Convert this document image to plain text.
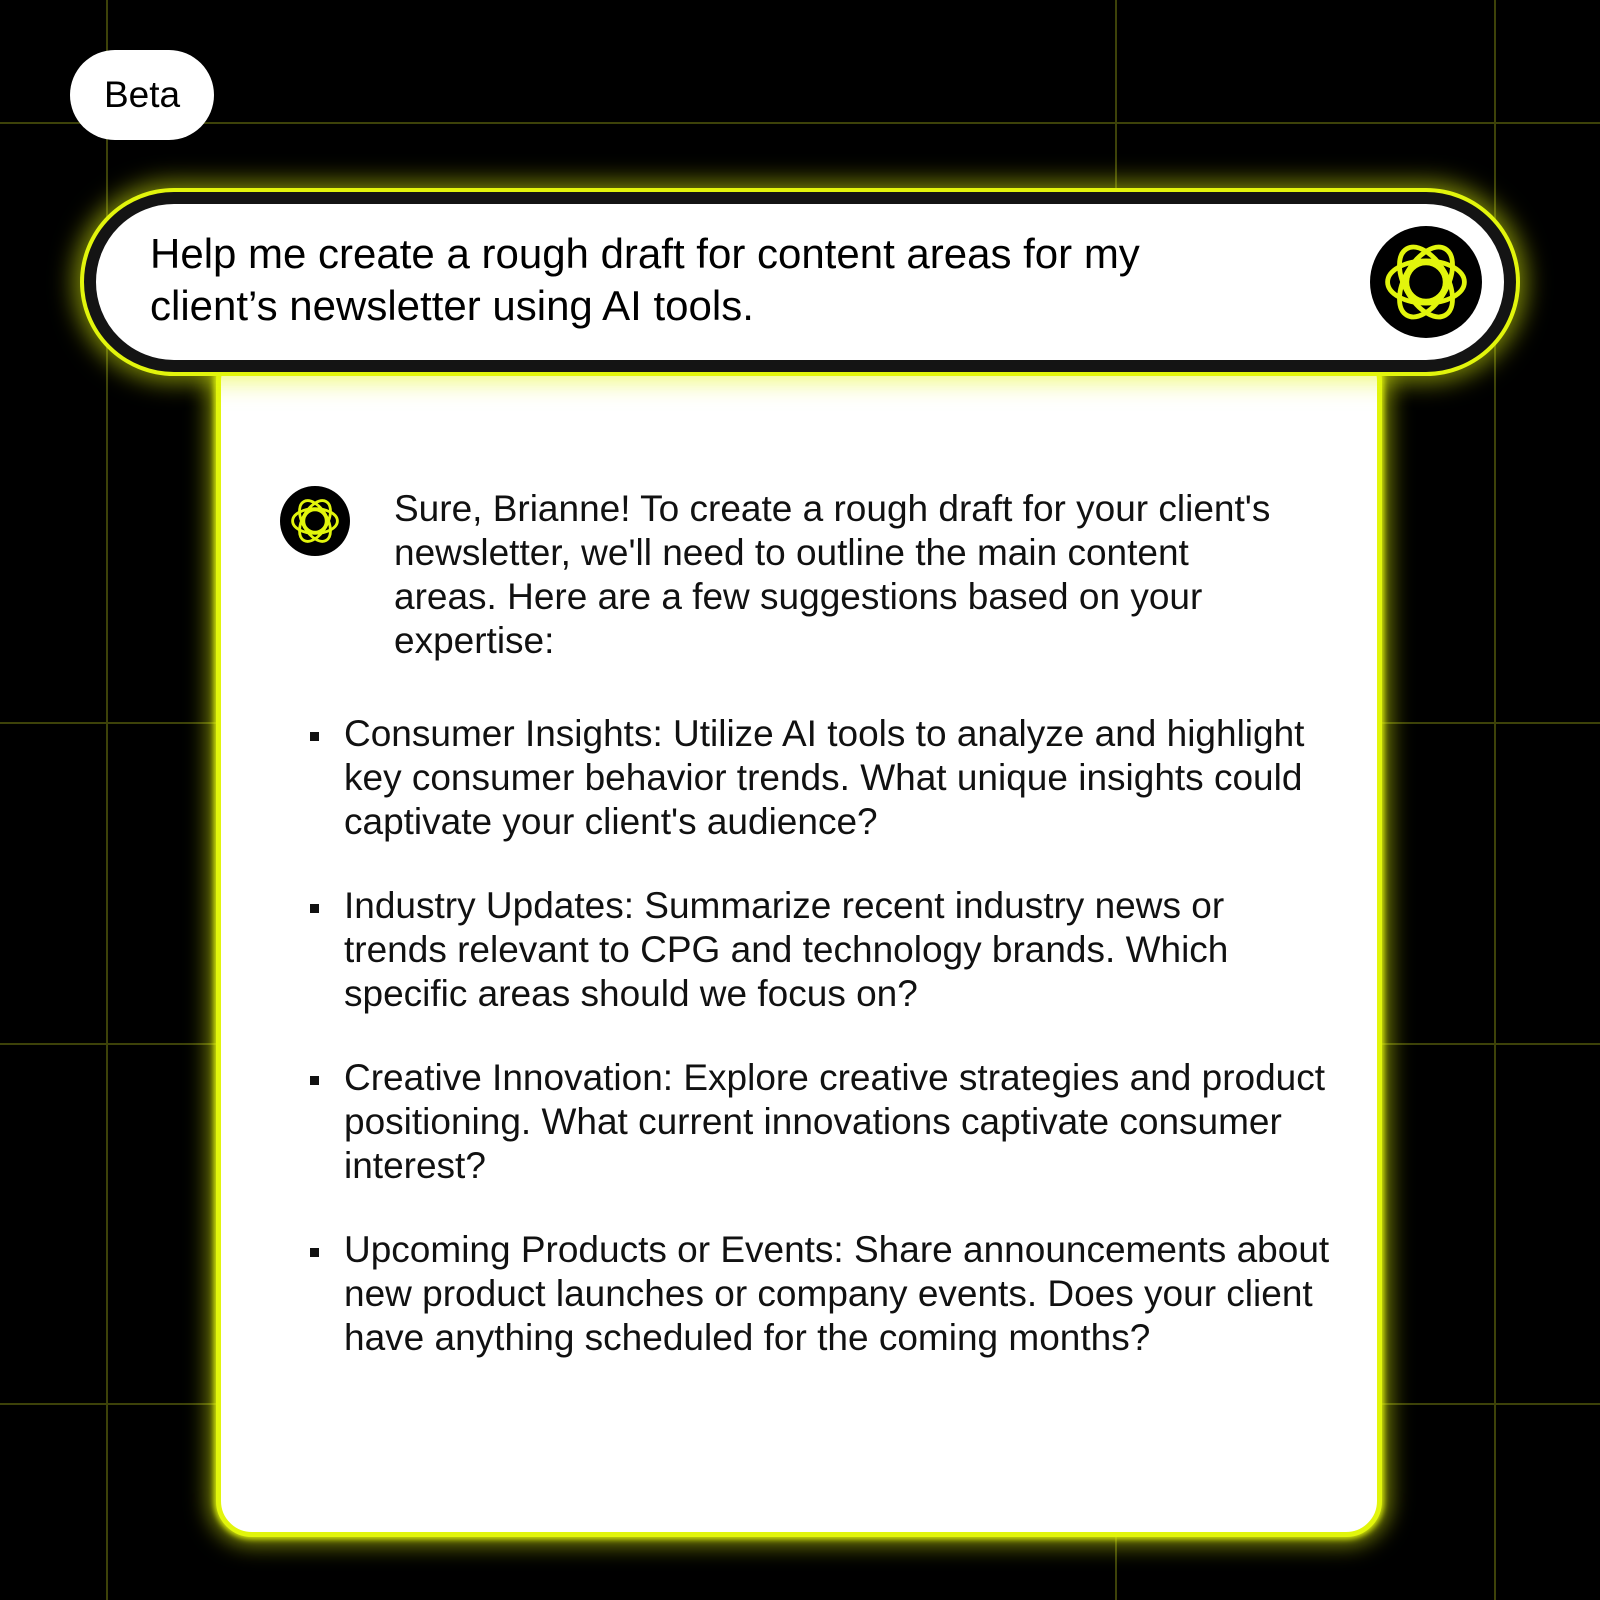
Beta
Help me create a rough draft for content areas for my client’s newsletter using AI tools.
Sure, Brianne! To create a rough draft for your client's newsletter, we'll need to outline the main content areas. Here are a few suggestions based on your expertise:
Consumer Insights: Utilize AI tools to analyze and highlight key consumer behavior trends. What unique insights could captivate your client's audience?
Industry Updates: Summarize recent industry news or trends relevant to CPG and technology brands. Which specific areas should we focus on?
Creative Innovation: Explore creative strategies and product positioning. What current innovations captivate consumer interest?
Upcoming Products or Events: Share announcements about new product launches or company events. Does your client have anything scheduled for the coming months?
